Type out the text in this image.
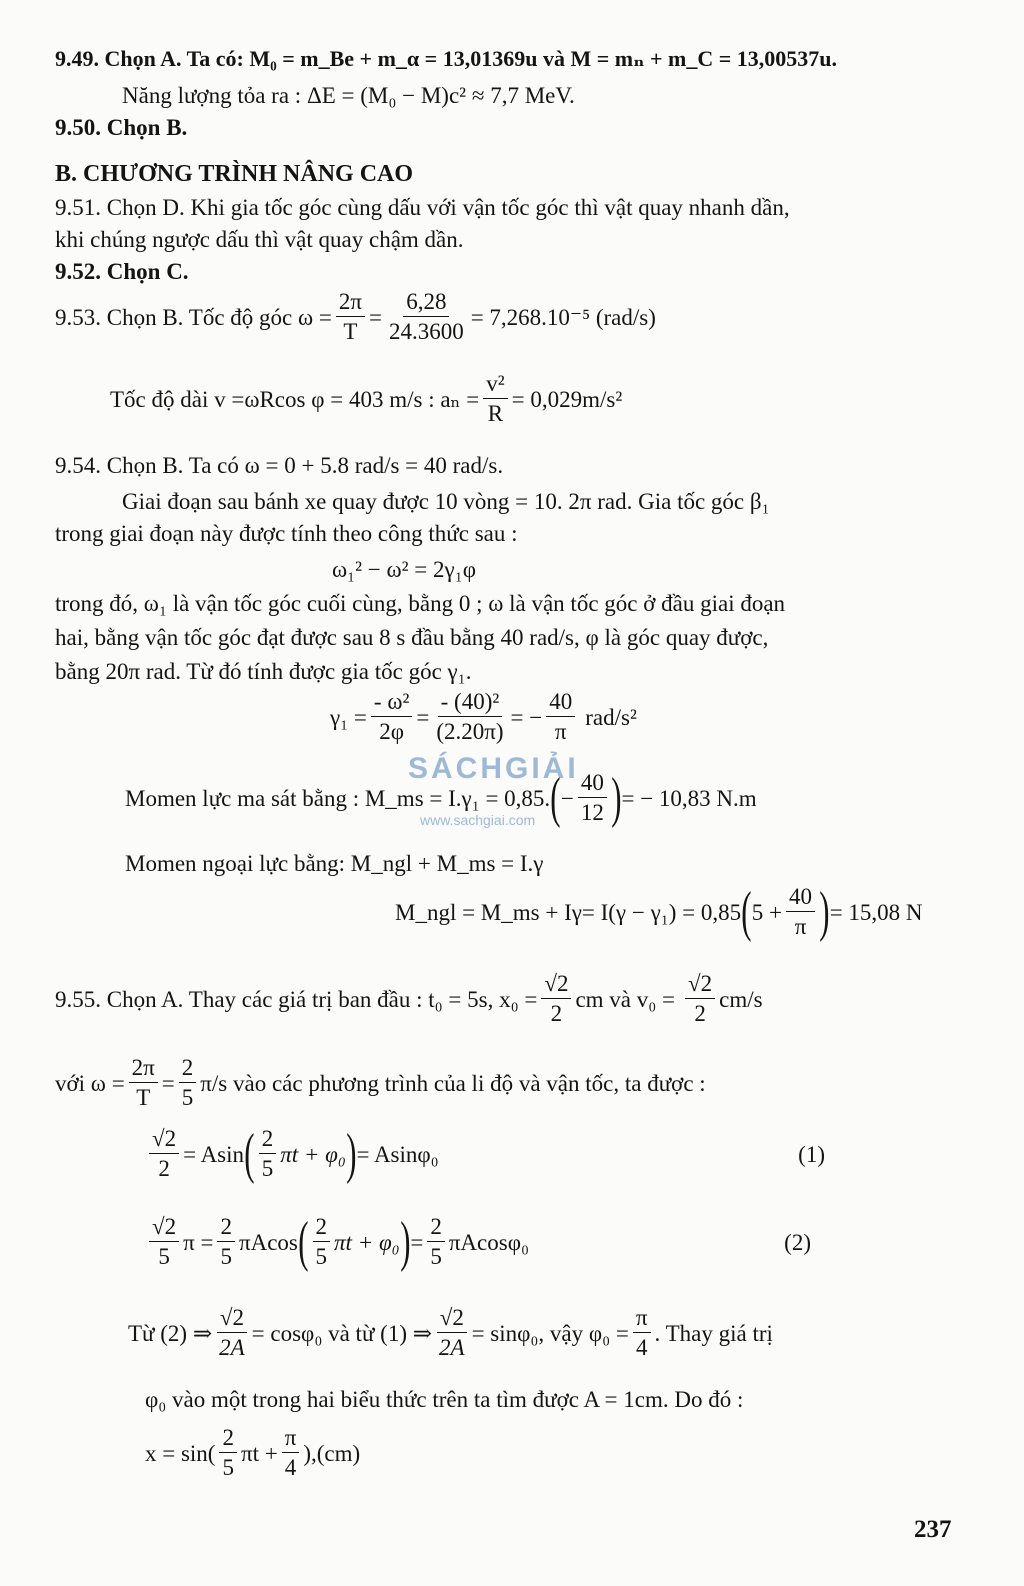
SÁCHGIẢI
www.sachgiai.com
9.49. Chọn A. Ta có: M₀ = m_Be + m_α = 13,01369u và M = mₙ + m_C = 13,00537u.
Năng lượng tỏa ra : ΔE = (M₀ − M)c² ≈ 7,7 MeV.
9.50. Chọn B.
B. CHƯƠNG TRÌNH NÂNG CAO
9.51. Chọn D. Khi gia tốc góc cùng dấu với vận tốc góc thì vật quay nhanh dần,
khi chúng ngược dấu thì vật quay chậm dần.
9.52. Chọn C.
9.53. Chọn B. Tốc độ góc $\omega = \frac{2\pi}{T} = \frac{6,28}{24.3600} = 7,268.10^{-5}$ (rad/s)
Tốc độ dài v =ωRcos φ = 403 m/s : $a_n = \frac{\text{v²}}{R} = 0,029m/s^2$
9.54. Chọn B. Ta có ω = 0 + 5.8 rad/s = 40 rad/s.
Giai đoạn sau bánh xe quay được 10 vòng = 10. 2π rad. Gia tốc góc β₁
trong giai đoạn này được tính theo công thức sau :
ω₁² − ω² = 2γ₁φ
trong đó, ω₁ là vận tốc góc cuối cùng, bằng 0 ; ω là vận tốc góc ở đầu giai đoạn
hai, bằng vận tốc góc đạt được sau 8 s đầu bằng 40 rad/s, φ là góc quay được,
bằng 20π rad. Từ đó tính được gia tốc góc γ₁.
$\gamma_1 = \frac{\text{- ω²}}{2\varphi} = \frac{\text{- (40)²}}{(2.20\pi)}$ = − $\frac{40}{\pi} rad/s^2$
Momen lực ma sát bằng : M_ms = I.γ₁ = 0,85. ( − $\frac{40}{12}$ ) = − 10,83 N.m
Momen ngoại lực bằng: M_ngl + M_ms = I.γ
M_ngl = M_ms + Iγ= I(γ − γ₁) = 0,85 ( $5 + \frac{40}{\pi}$ ) = 15,08 N
9.55. Chọn A. Thay các giá trị ban đầu : t₀ = 5s, $x_0 = \frac{√2}{2}$ cm và $v_0 = \frac{√2}{2} cm/s$
với $\omega = \frac{2\pi}{T} = \frac{2}{5} \pi/s$ vào các phương trình của li độ và vận tốc, ta được :
$\frac{√2}{2} = Asin$ ( $\frac{2}{5}$ πt + φ₀ ) = Asinφ₀	(1)
$\frac{√2}{5}$ $\pi = \frac{2}{5}$ πAcos ( $\frac{2}{5}$ πt + φ₀ ) = $\frac{2}{5} \pi Acos\varphi_0$	(2)
Từ (2) ⇒ $\frac{√2}{2A} = \cos\varphi_0$ và từ (1) ⇒ $\frac{√2}{2A} = \sin\varphi_0$, vậy $\varphi_0 = \frac{\pi}{4}$ . Thay giá trị
φ₀ vào một trong hai biểu thức trên ta tìm được A = 1cm. Do đó :
$x = \sin( \frac{2}{5}$ $\pi t + \frac{\pi}{4} ),(cm)$
237
